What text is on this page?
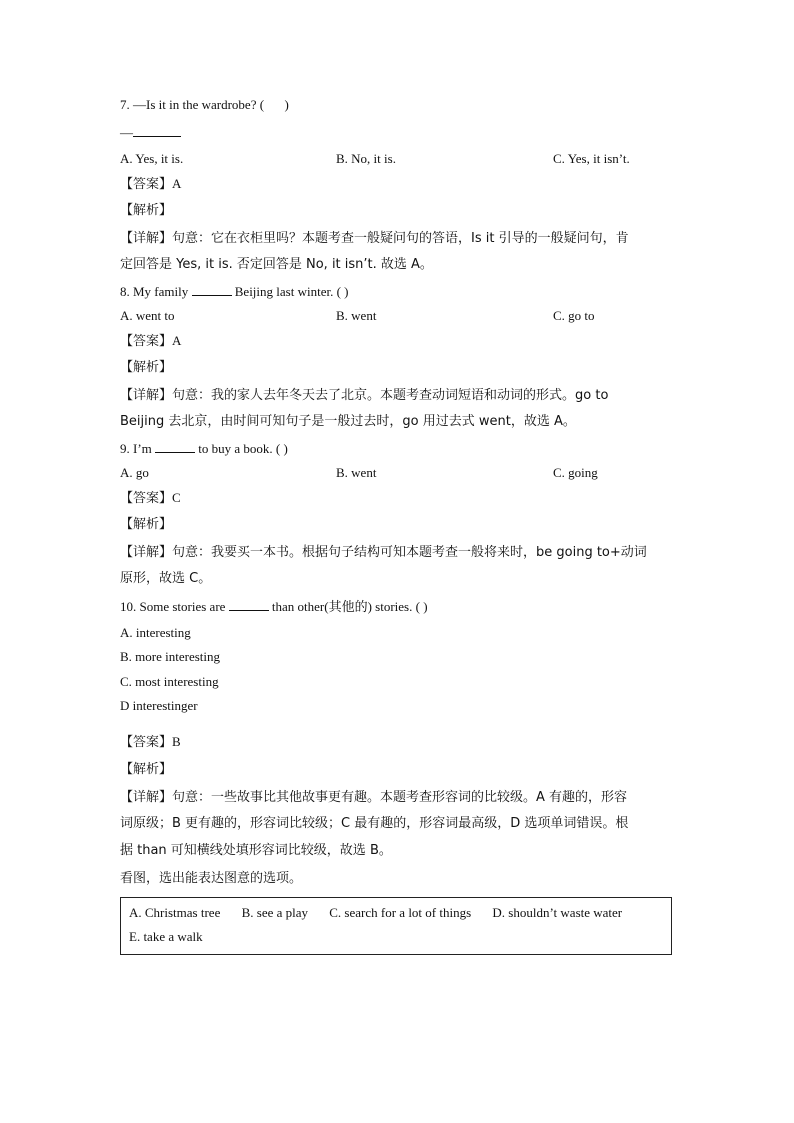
7. —Is it in the wardrobe? ( )
—
A. Yes, it is.	B. No, it is.	C. Yes, it isn’t.
【答案】A
【解析】
【详解】句意：它在衣柜里吗？本题考查一般疑问句的答语，Is it 引导的一般疑问句，肯
定回答是 Yes, it is. 否定回答是 No, it isn’t. 故选 A。
8. My family	Beijing last winter. ( )
A. went to	B. went	C. go to
【答案】A
【解析】
【详解】句意：我的家人去年冬天去了北京。本题考查动词短语和动词的形式。go to
Beijing 去北京，由时间可知句子是一般过去时，go 用过去式 went，故选 A。
9. I’m	to buy a book. ( )
A. go	B. went	C. going
【答案】C
【解析】
【详解】句意：我要买一本书。根据句子结构可知本题考查一般将来时，be going to+动词
原形，故选 C。
10. Some stories are	than other(其他的) stories. ( )
A. interesting
B. more interesting
C. most interesting
D interestinger
【答案】B
【解析】
【详解】句意：一些故事比其他故事更有趣。本题考查形容词的比较级。A 有趣的，形容
词原级；B 更有趣的，形容词比较级；C 最有趣的，形容词最高级，D 选项单词错误。根
据 than 可知横线处填形容词比较级，故选 B。
看图，选出能表达图意的选项。
A. Christmas tree B. see a play C. search for a lot of things D. shouldn’t waste water
E. take a walk
